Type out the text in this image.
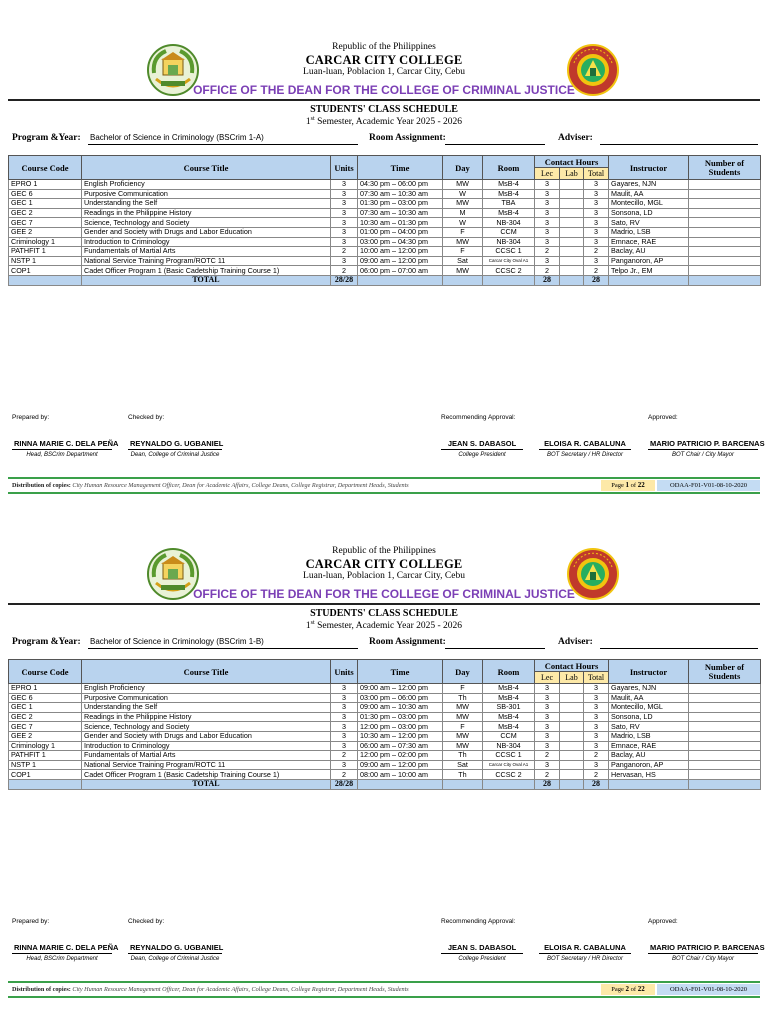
Republic of the Philippines
CARCAR CITY COLLEGE
Luan-luan, Poblacion 1, Carcar City, Cebu
OFFICE OF THE DEAN FOR THE COLLEGE OF CRIMINAL JUSTICE
STUDENTS' CLASS SCHEDULE
1st Semester, Academic Year 2025 - 2026
Program &Year: Bachelor of Science in Criminology (BSCrim 1-A)	Room Assignment:	Adviser:
Course Code	Course Title	Units	Time	Day	Room	Contact Hours			Instructor	Number of Students
						Lec	Lab	Total		
EPRO 1	English Proficiency	3	04:30 pm – 06:00 pm	MW	MsB-4	3		3	Gayares, NJN	
GEC 6	Purposive Communication	3	07:30 am – 10:30 am	W	MsB-4	3		3	Maulit, AA	
GEC 1	Understanding the Self	3	01:30 pm – 03:00 pm	MW	TBA	3		3	Montecillo, MGL	
GEC 2	Readings in the Philippine History	3	07:30 am – 10:30 am	M	MsB-4	3		3	Sonsona, LD	
GEC 7	Science, Technology and Society	3	10:30 am – 01:30 pm	W	NB-304	3		3	Sato, RV	
GEE 2	Gender and Society with Drugs and Labor Education	3	01:00 pm – 04:00 pm	F	CCM	3		3	Madrio, LSB	
Criminology 1	Introduction to Criminology	3	03:00 pm – 04:30 pm	MW	NB-304	3		3	Emnace, RAE	
PATHFIT 1	Fundamentals of Martial Arts	2	10:00 am – 12:00 pm	F	CCSC 1	2		2	Baclay, AU	
NSTP 1	National Service Training Program/ROTC 11	3	09:00 am – 12:00 pm	Sat	Carcar City Oval A1	3		3	Panganoron, AP	
COP1	Cadet Officer Program 1 (Basic Cadetship Training Course 1)	2	06:00 pm – 07:00 am	MW	CCSC 2	2		2	Telpo Jr., EM	
	TOTAL	28/28				28		28		
Prepared by:	Checked by:	Recommending Approval:	Approved:
RINNA MARIE C. DELA PEÑA
Head, BSCrim Department
REYNALDO G. UGBANIEL
Dean, College of Criminal Justice
JEAN S. DABASOL
College President
ELOISA R. CABALUNA
BOT Secretary / HR Director
MARIO PATRICIO P. BARCENAS
BOT Chair / City Mayor
Distribution of copies: City Human Resource Management Officer, Dean for Academic Affairs, College Deans, College Registrar, Department Heads, Students	Page 1 of 22	ODAA-F01-V01-08-10-2020
Republic of the Philippines
CARCAR CITY COLLEGE
Luan-luan, Poblacion 1, Carcar City, Cebu
OFFICE OF THE DEAN FOR THE COLLEGE OF CRIMINAL JUSTICE
STUDENTS' CLASS SCHEDULE
1st Semester, Academic Year 2025 - 2026
Program &Year: Bachelor of Science in Criminology (BSCrim 1-B)	Room Assignment:	Adviser:
Course Code	Course Title	Units	Time	Day	Room	Contact Hours			Instructor	Number of Students
						Lec	Lab	Total		
EPRO 1	English Proficiency	3	09:00 am – 12:00 pm	F	MsB-4	3		3	Gayares, NJN	
GEC 6	Purposive Communication	3	03:00 pm – 06:00 pm	Th	MsB-4	3		3	Maulit, AA	
GEC 1	Understanding the Self	3	09:00 am – 10:30 am	MW	SB-301	3		3	Montecillo, MGL	
GEC 2	Readings in the Philippine History	3	01:30 pm – 03:00 pm	MW	MsB-4	3		3	Sonsona, LD	
GEC 7	Science, Technology and Society	3	12:00 pm – 03:00 pm	F	MsB-4	3		3	Sato, RV	
GEE 2	Gender and Society with Drugs and Labor Education	3	10:30 am – 12:00 pm	MW	CCM	3		3	Madrio, LSB	
Criminology 1	Introduction to Criminology	3	06:00 am – 07:30 am	MW	NB-304	3		3	Emnace, RAE	
PATHFIT 1	Fundamentals of Martial Arts	2	12:00 pm – 02:00 pm	Th	CCSC 1	2		2	Baclay, AU	
NSTP 1	National Service Training Program/ROTC 11	3	09:00 am – 12:00 pm	Sat	Carcar City Oval A1	3		3	Panganoron, AP	
COP1	Cadet Officer Program 1 (Basic Cadetship Training Course 1)	2	08:00 am – 10:00 am	Th	CCSC 2	2		2	Hervasan, HS	
	TOTAL	28/28				28		28		
Prepared by:	Checked by:	Recommending Approval:	Approved:
RINNA MARIE C. DELA PEÑA
Head, BSCrim Department
REYNALDO G. UGBANIEL
Dean, College of Criminal Justice
JEAN S. DABASOL
College President
ELOISA R. CABALUNA
BOT Secretary / HR Director
MARIO PATRICIO P. BARCENAS
BOT Chair / City Mayor
Distribution of copies: City Human Resource Management Officer, Dean for Academic Affairs, College Deans, College Registrar, Department Heads, Students	Page 2 of 22	ODAA-F01-V01-08-10-2020
